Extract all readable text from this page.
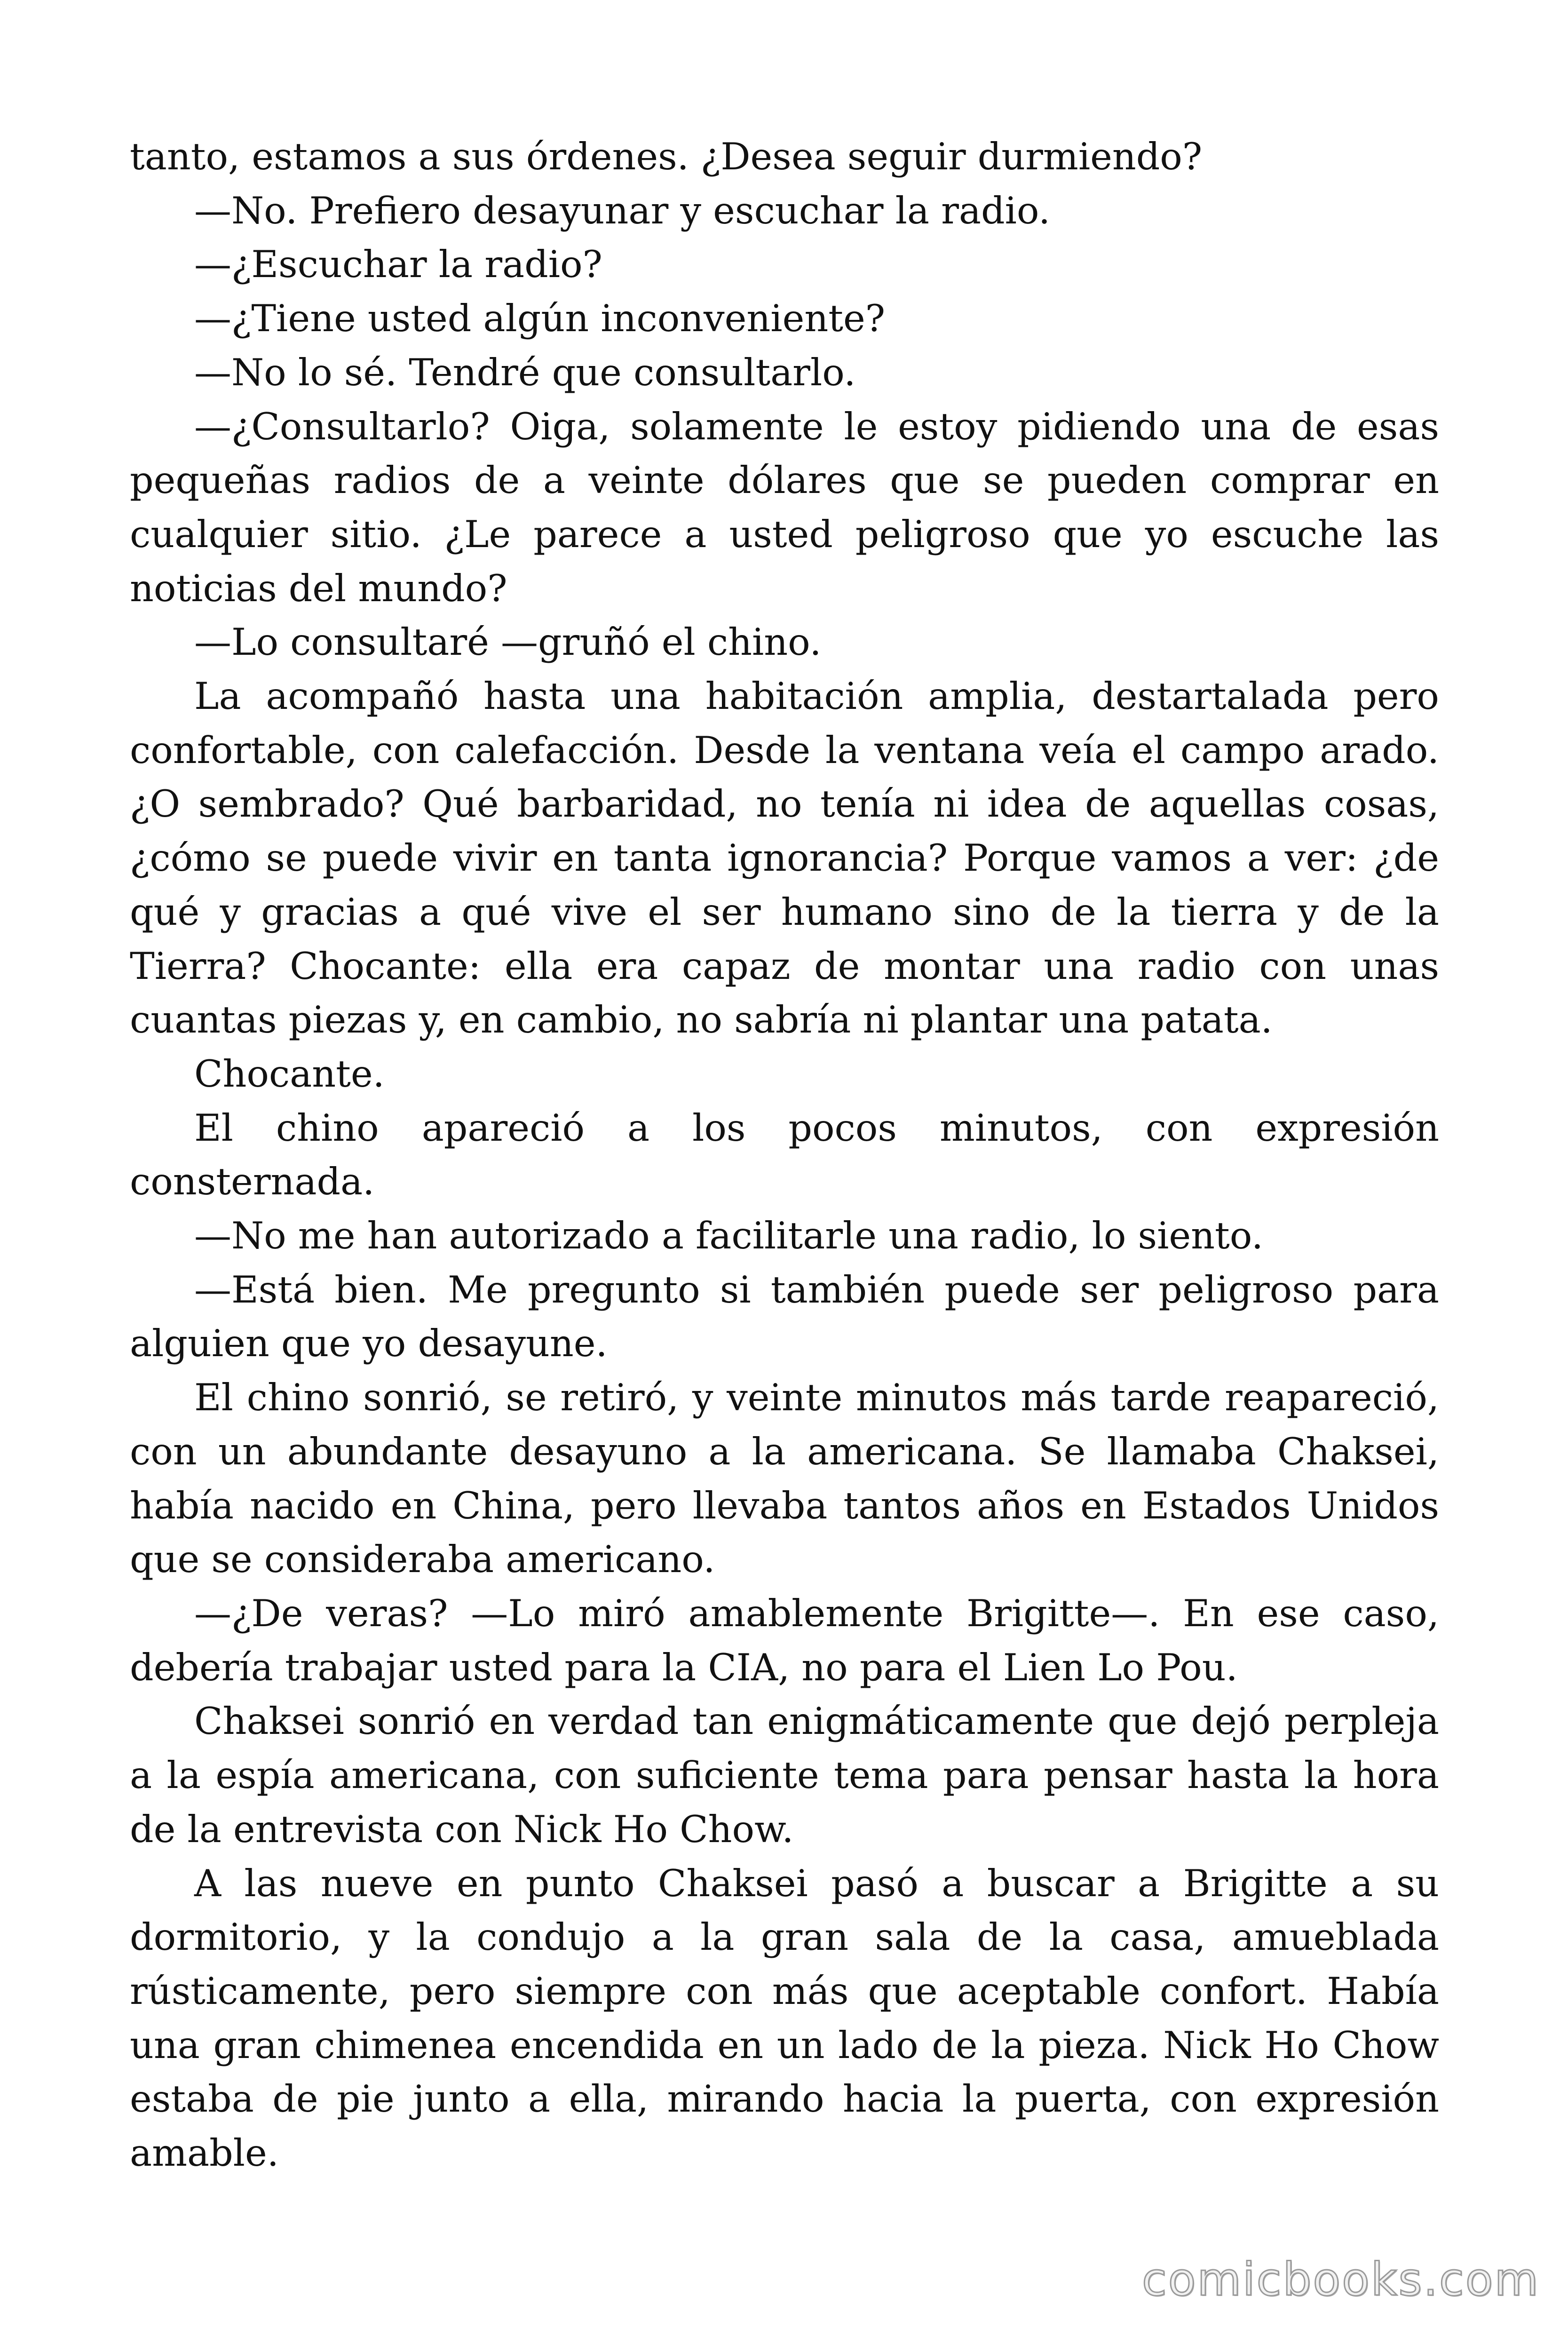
tanto, estamos a sus órdenes. ¿Desea seguir durmiendo?

—No. Prefiero desayunar y escuchar la radio.

—¿Escuchar la radio?

—¿Tiene usted algún inconveniente?

—No lo sé. Tendré que consultarlo.

—¿Consultarlo? Oiga, solamente le estoy pidiendo una de esas pequeñas radios de a veinte dólares que se pueden comprar en cualquier sitio. ¿Le parece a usted peligroso que yo escuche las noticias del mundo?

—Lo consultaré —gruñó el chino.

La acompañó hasta una habitación amplia, destartalada pero confortable, con calefacción. Desde la ventana veía el campo arado. ¿O sembrado? Qué barbaridad, no tenía ni idea de aquellas cosas, ¿cómo se puede vivir en tanta ignorancia? Porque vamos a ver: ¿de qué y gracias a qué vive el ser humano sino de la tierra y de la Tierra? Chocante: ella era capaz de montar una radio con unas cuantas piezas y, en cambio, no sabría ni plantar una patata.

Chocante.

El chino apareció a los pocos minutos, con expresión consternada.

—No me han autorizado a facilitarle una radio, lo siento.

—Está bien. Me pregunto si también puede ser peligroso para alguien que yo desayune.

El chino sonrió, se retiró, y veinte minutos más tarde reapareció, con un abundante desayuno a la americana. Se llamaba Chaksei, había nacido en China, pero llevaba tantos años en Estados Unidos que se consideraba americano.

—¿De veras? —Lo miró amablemente Brigitte—. En ese caso, debería trabajar usted para la CIA, no para el Lien Lo Pou.

Chaksei sonrió en verdad tan enigmáticamente que dejó perpleja a la espía americana, con suficiente tema para pensar hasta la hora de la entrevista con Nick Ho Chow.

A las nueve en punto Chaksei pasó a buscar a Brigitte a su dormitorio, y la condujo a la gran sala de la casa, amueblada rústicamente, pero siempre con más que aceptable confort. Había una gran chimenea encendida en un lado de la pieza. Nick Ho Chow estaba de pie junto a ella, mirando hacia la puerta, con expresión amable.

comicbooks.com
